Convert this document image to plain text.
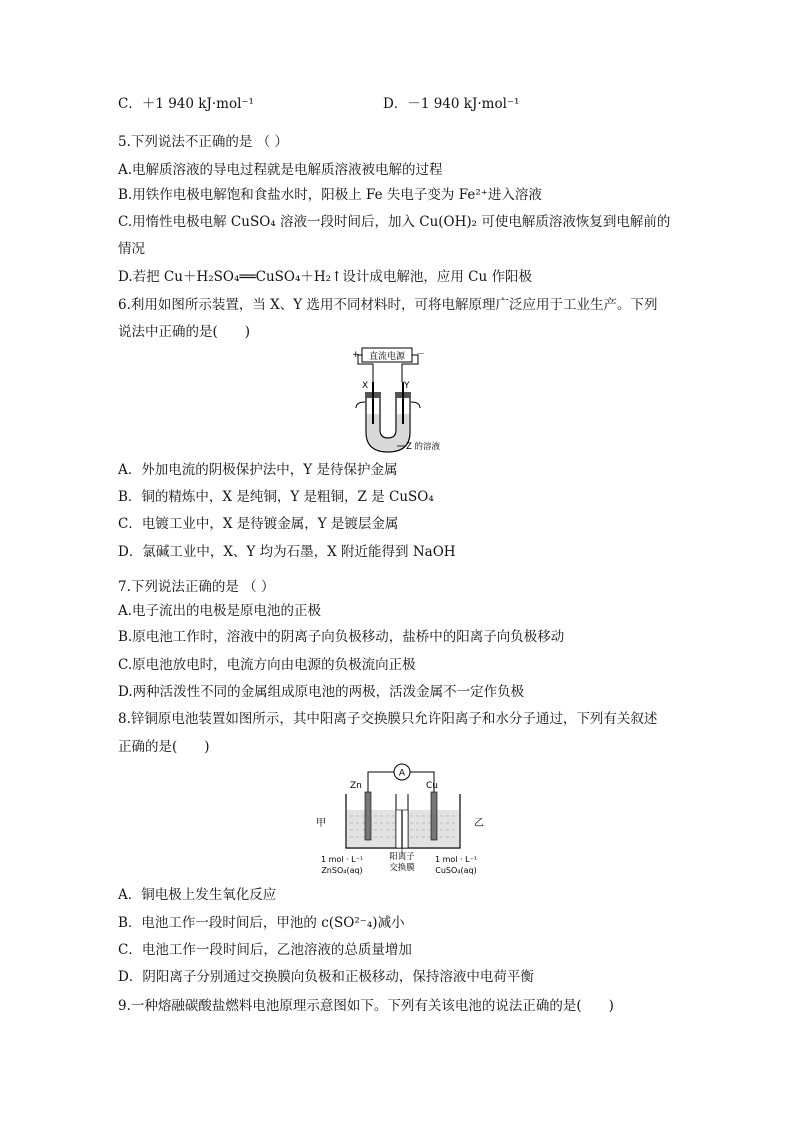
C．＋1 940 kJ·mol⁻¹	D．－1 940 kJ·mol⁻¹
5.下列说法不正确的是 （ ）
A.电解质溶液的导电过程就是电解质溶液被电解的过程
B.用铁作电极电解饱和食盐水时，阳极上 Fe 失电子变为 Fe²⁺进入溶液
C.用惰性电极电解 CuSO₄ 溶液一段时间后，加入 Cu(OH)₂ 可使电解质溶液恢复到电解前的
情况
D.若把 Cu＋H₂SO₄══CuSO₄＋H₂↑设计成电解池，应用 Cu 作阳极
6.利用如图所示装置，当 X、Y 选用不同材料时，可将电解原理广泛应用于工业生产。下列
说法中正确的是(　　)
直流电源
+	－
X	Y
Z 的溶液
A．外加电流的阴极保护法中，Y 是待保护金属
B．铜的精炼中，X 是纯铜，Y 是粗铜，Z 是 CuSO₄
C．电镀工业中，X 是待镀金属，Y 是镀层金属
D．氯碱工业中，X、Y 均为石墨，X 附近能得到 NaOH
7.下列说法正确的是 （ ）
A.电子流出的电极是原电池的正极
B.原电池工作时，溶液中的阴离子向负极移动，盐桥中的阳离子向负极移动
C.原电池放电时，电流方向由电源的负极流向正极
D.两种活泼性不同的金属组成原电池的两极，活泼金属不一定作负极
8.锌铜原电池装置如图所示，其中阳离子交换膜只允许阳离子和水分子通过，下列有关叙述
正确的是(　　)
A
Zn	Cu
甲	乙
阳离子
交换膜
1 mol · L⁻¹
ZnSO₄(aq)
1 mol · L⁻¹
CuSO₄(aq)
A．铜电极上发生氧化反应
B．电池工作一段时间后，甲池的 c(SO²⁻₄)减小
C．电池工作一段时间后，乙池溶液的总质量增加
D．阴阳离子分别通过交换膜向负极和正极移动，保持溶液中电荷平衡
9.一种熔融碳酸盐燃料电池原理示意图如下。下列有关该电池的说法正确的是(　　)
